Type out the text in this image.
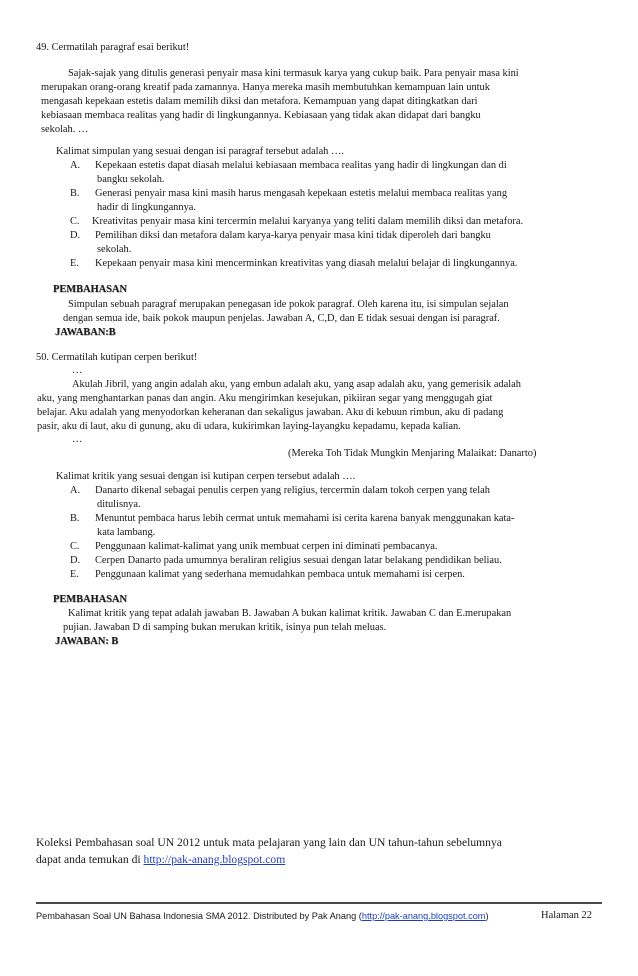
49. Cermatilah paragraf esai berikut!
Sajak-sajak yang ditulis generasi penyair masa kini termasuk karya yang cukup baik. Para penyair masa kini
merupakan orang-orang kreatif pada zamannya. Hanya mereka masih membutuhkan kemampuan lain untuk
mengasah kepekaan estetis dalam memilih diksi dan metafora. Kemampuan yang dapat ditingkatkan dari
kebiasaan membaca realitas yang hadir di lingkungannya. Kebiasaan yang tidak akan didapat dari bangku
sekolah. …
Kalimat simpulan yang sesuai dengan isi paragraf tersebut adalah ….
A. Kepekaan estetis dapat diasah melalui kebiasaan membaca realitas yang hadir di lingkungan dan di
bangku sekolah.
B. Generasi penyair masa kini masih harus mengasah kepekaan estetis melalui membaca realitas yang
hadir di lingkungannya.
C. Kreativitas penyair masa kini tercermin melalui karyanya yang teliti dalam memilih diksi dan metafora.
D. Pemilihan diksi dan metafora dalam karya-karya penyair masa kini tidak diperoleh dari bangku
sekolah.
E. Kepekaan penyair masa kini mencerminkan kreativitas yang diasah melalui belajar di lingkungannya.
PEMBAHASAN
Simpulan sebuah paragraf merupakan penegasan ide pokok paragraf. Oleh karena itu, isi simpulan sejalan
dengan semua ide, baik pokok maupun penjelas. Jawaban A, C,D, dan E tidak sesuai dengan isi paragraf.
JAWABAN:B
50. Cermatilah kutipan cerpen berikut!
…
Akulah Jibril, yang angin adalah aku, yang embun adalah aku, yang asap adalah aku, yang gemerisik adalah
aku, yang menghantarkan panas dan angin. Aku mengirimkan kesejukan, pikiiran segar yang menggugah giat
belajar. Aku adalah yang menyodorkan keheranan dan sekaligus jawaban. Aku di kebuun rimbun, aku di padang
pasir, aku di laut, aku di gunung, aku di udara, kukirimkan laying-layangku kepadamu, kepada kalian.
…
(Mereka Toh Tidak Mungkin Menjaring Malaikat: Danarto)
Kalimat kritik yang sesuai dengan isi kutipan cerpen tersebut adalah ….
A. Danarto dikenal sebagai penulis cerpen yang religius, tercermin dalam tokoh cerpen yang telah
ditulisnya.
B. Menuntut pembaca harus lebih cermat untuk memahami isi cerita karena banyak menggunakan kata-
kata lambang.
C. Penggunaan kalimat-kalimat yang unik membuat cerpen ini diminati pembacanya.
D. Cerpen Danarto pada umumnya beraliran religius sesuai dengan latar belakang pendidikan beliau.
E. Penggunaan kalimat yang sederhana memudahkan pembaca untuk memahami isi cerpen.
PEMBAHASAN
Kalimat kritik yang tepat adalah jawaban B. Jawaban A bukan kalimat kritik. Jawaban C dan E.merupakan
pujian. Jawaban D di samping bukan merukan kritik, isinya pun telah meluas.
JAWABAN: B
Koleksi Pembahasan soal UN 2012 untuk mata pelajaran yang lain dan UN tahun-tahun sebelumnya
dapat anda temukan di http://pak-anang.blogspot.com
Pembahasan Soal UN Bahasa Indonesia SMA 2012. Distributed by Pak Anang (http://pak-anang.blogspot.com)	Halaman 22
